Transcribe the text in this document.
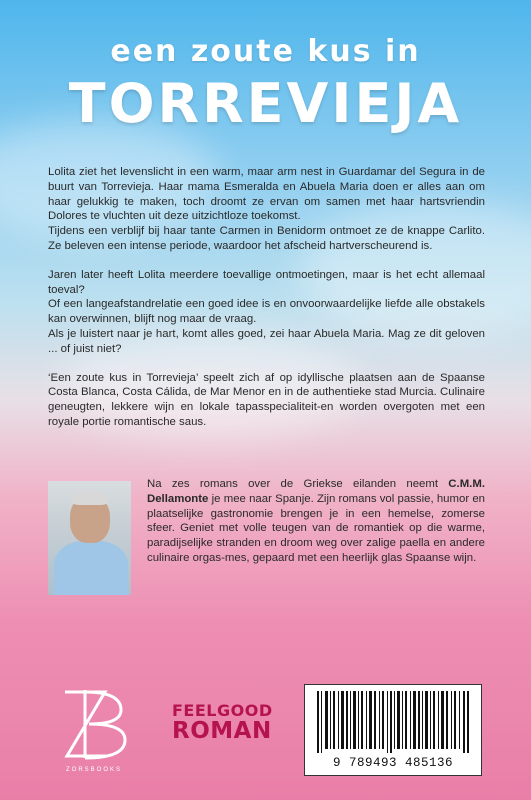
een zoute kus in
TORREVIEJA

Lolita ziet het levenslicht in een warm, maar arm nest in Guardamar del Segura in de buurt van Torrevieja. Haar mama Esmeralda en Abuela Maria doen er alles aan om haar gelukkig te maken, toch droomt ze ervan om samen met haar hartsvriendin Dolores te vluchten uit deze uitzichtloze toekomst.

Tijdens een verblijf bij haar tante Carmen in Benidorm ontmoet ze de knappe Carlito. Ze beleven een intense periode, waardoor het afscheid hartverscheurend is.

Jaren later heeft Lolita meerdere toevallige ontmoetingen, maar is het echt allemaal toeval?

Of een langeafstandrelatie een goed idee is en onvoorwaardelijke liefde alle obstakels kan overwinnen, blijft nog maar de vraag.

Als je luistert naar je hart, komt alles goed, zei haar Abuela Maria. Mag ze dit geloven ... of juist niet?

‘Een zoute kus in Torrevieja’ speelt zich af op idyllische plaatsen aan de Spaanse Costa Blanca, Costa Cálida, de Mar Menor en in de authentieke stad Murcia. Culinaire geneugten, lekkere wijn en lokale tapasspecialiteit-en worden overgoten met een royale portie romantische saus.

Na zes romans over de Griekse eilanden neemt C.M.M. Dellamonte je mee naar Spanje. Zijn romans vol passie, humor en plaatselijke gastronomie brengen je in een hemelse, zomerse sfeer. Geniet met volle teugen van de romantiek op die warme, paradijselijke stranden en droom weg over zalige paella en andere culinaire orgas-mes, gepaard met een heerlijk glas Spaanse wijn.
ZORSBOOKS
FEELGOOD
ROMAN
9 789493 485136
